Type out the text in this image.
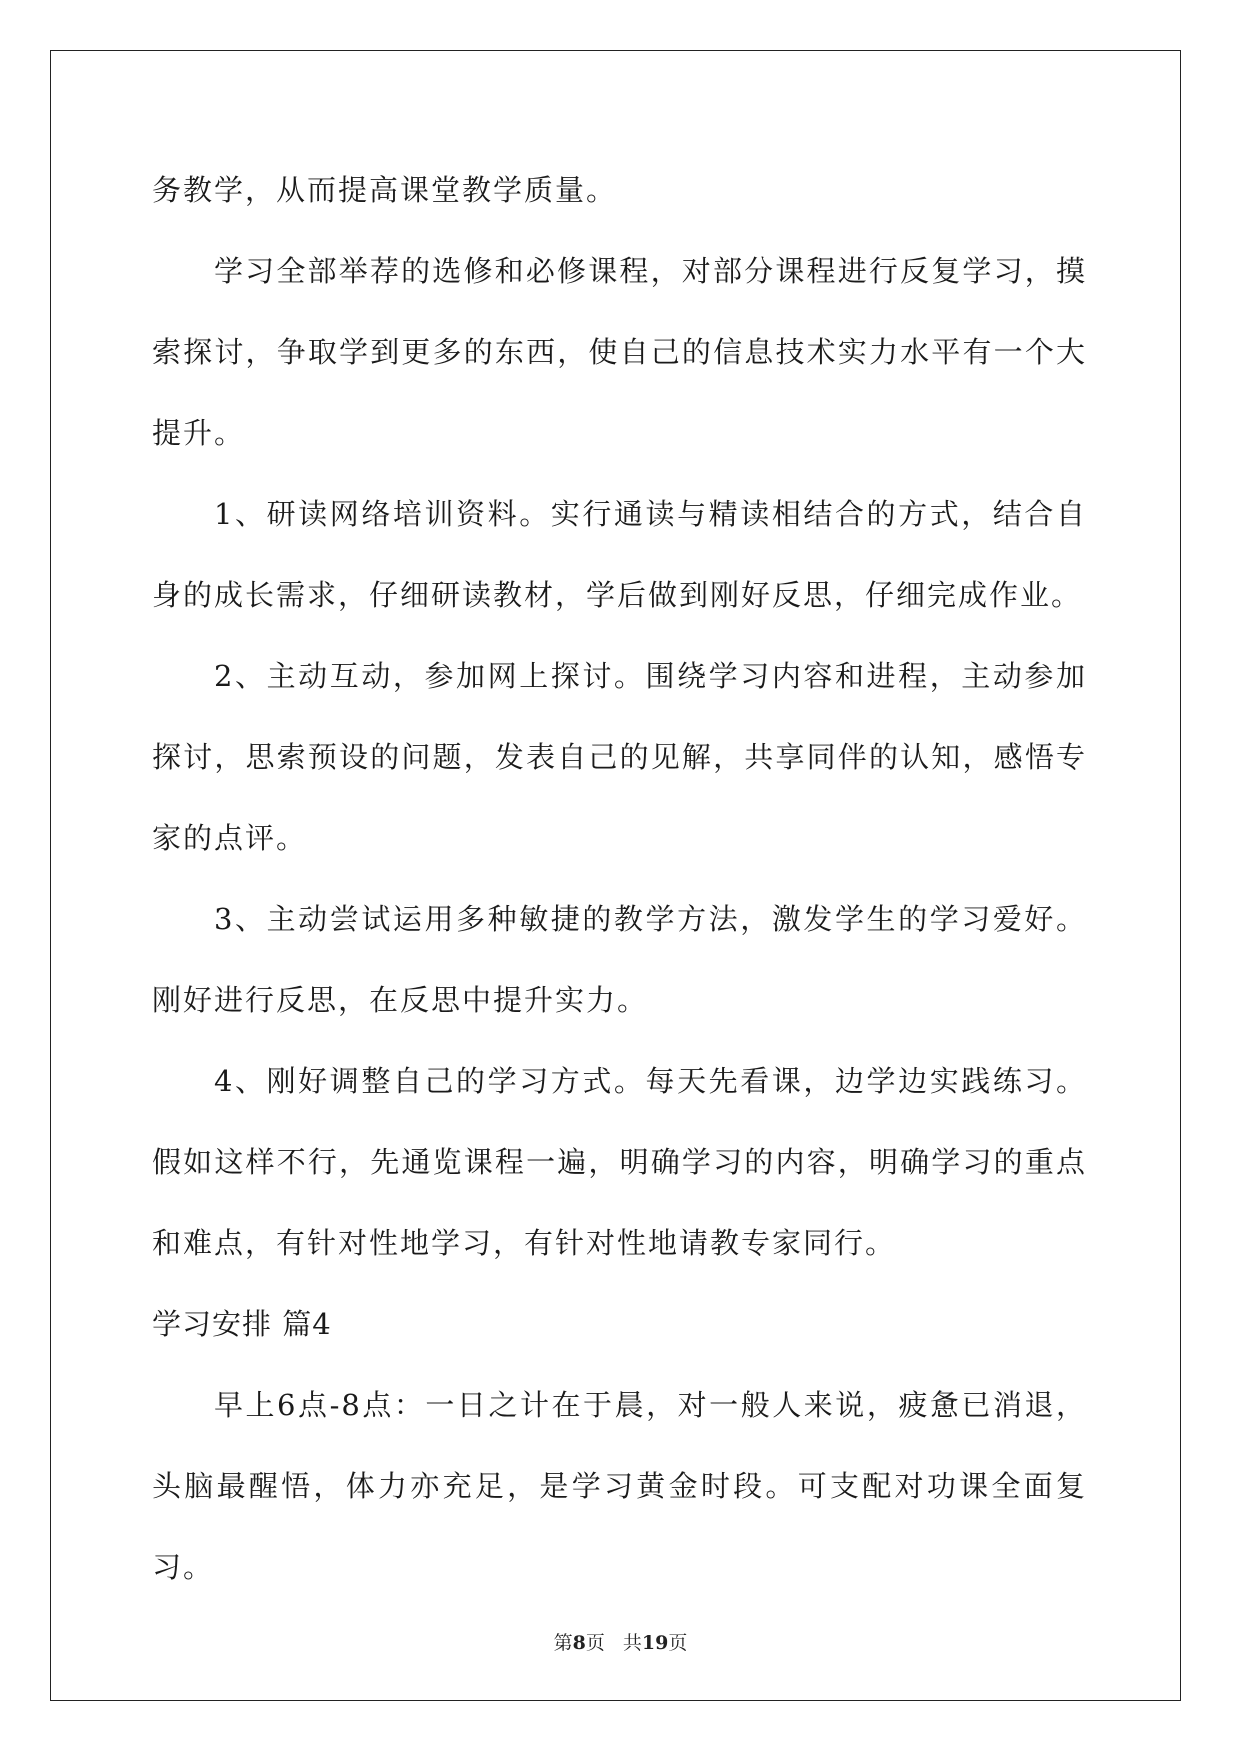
务教学，从而提高课堂教学质量。

学习全部举荐的选修和必修课程，对部分课程进行反复学习，摸索探讨，争取学到更多的东西，使自己的信息技术实力水平有一个大提升。

1、研读网络培训资料。实行通读与精读相结合的方式，结合自身的成长需求，仔细研读教材，学后做到刚好反思，仔细完成作业。

2、主动互动，参加网上探讨。围绕学习内容和进程，主动参加探讨，思索预设的问题，发表自己的见解，共享同伴的认知，感悟专家的点评。

3、主动尝试运用多种敏捷的教学方法，激发学生的学习爱好。刚好进行反思，在反思中提升实力。

4、刚好调整自己的学习方式。每天先看课，边学边实践练习。假如这样不行，先通览课程一遍，明确学习的内容，明确学习的重点和难点，有针对性地学习，有针对性地请教专家同行。

学习安排 篇4

早上6点-8点：一日之计在于晨，对一般人来说，疲惫已消退，头脑最醒悟，体力亦充足，是学习黄金时段。可支配对功课全面复习。

第8页 共19页
